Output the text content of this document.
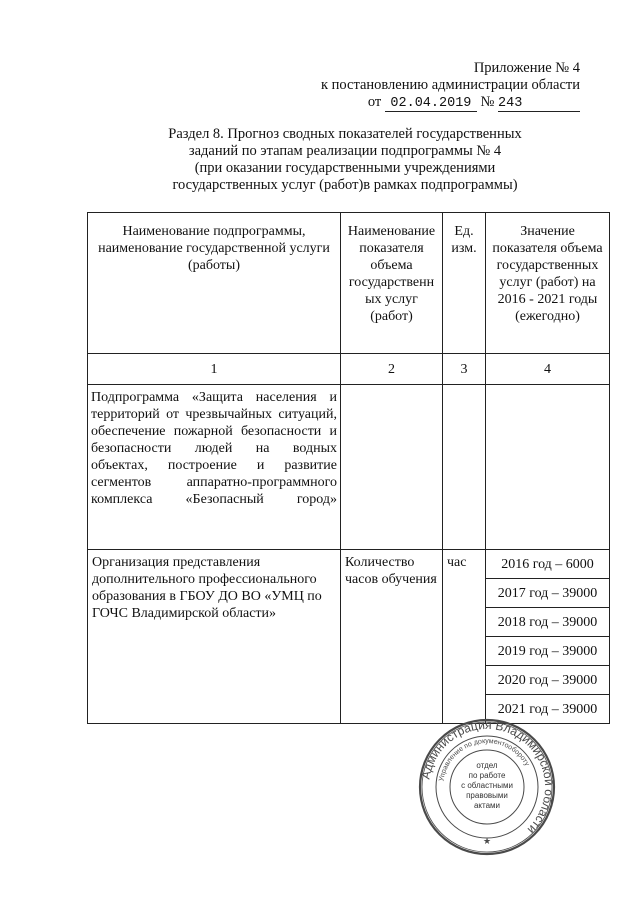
Приложение № 4
к постановлению администрации области
от 02.04.2019 № 243
Раздел 8. Прогноз сводных показателей государственных
заданий по этапам реализации подпрограммы № 4
(при оказании государственными учреждениями
государственных услуг (работ)в рамках подпрограммы)
Наименование подпрограммы, наименование государственной услуги (работы)	Наименование показателя объема государственн ых услуг (работ)	Ед. изм.	Значение показателя объема государственных услуг (работ) на 2016 - 2021 годы (ежегодно)
1	2	3	4
Подпрограмма «Защита населения и территорий от чрезвычайных ситуаций, обеспечение пожарной безопасности и безопасности людей на водных объектах, построение и развитие сегментов аппаратно-программного комплекса «Безопасный город»			
Организация представления дополнительного профессионального образования в ГБОУ ДО ВО «УМЦ по ГОЧС Владимирской области»	Количество часов обучения	час	2016 год – 6000
2017 год – 39000
2018 год – 39000
2019 год – 39000
2020 год – 39000
2021 год – 39000
Администрация Владимирской области
Управление по документообороту
отдел
по работе
с областными
правовыми
актами
★
